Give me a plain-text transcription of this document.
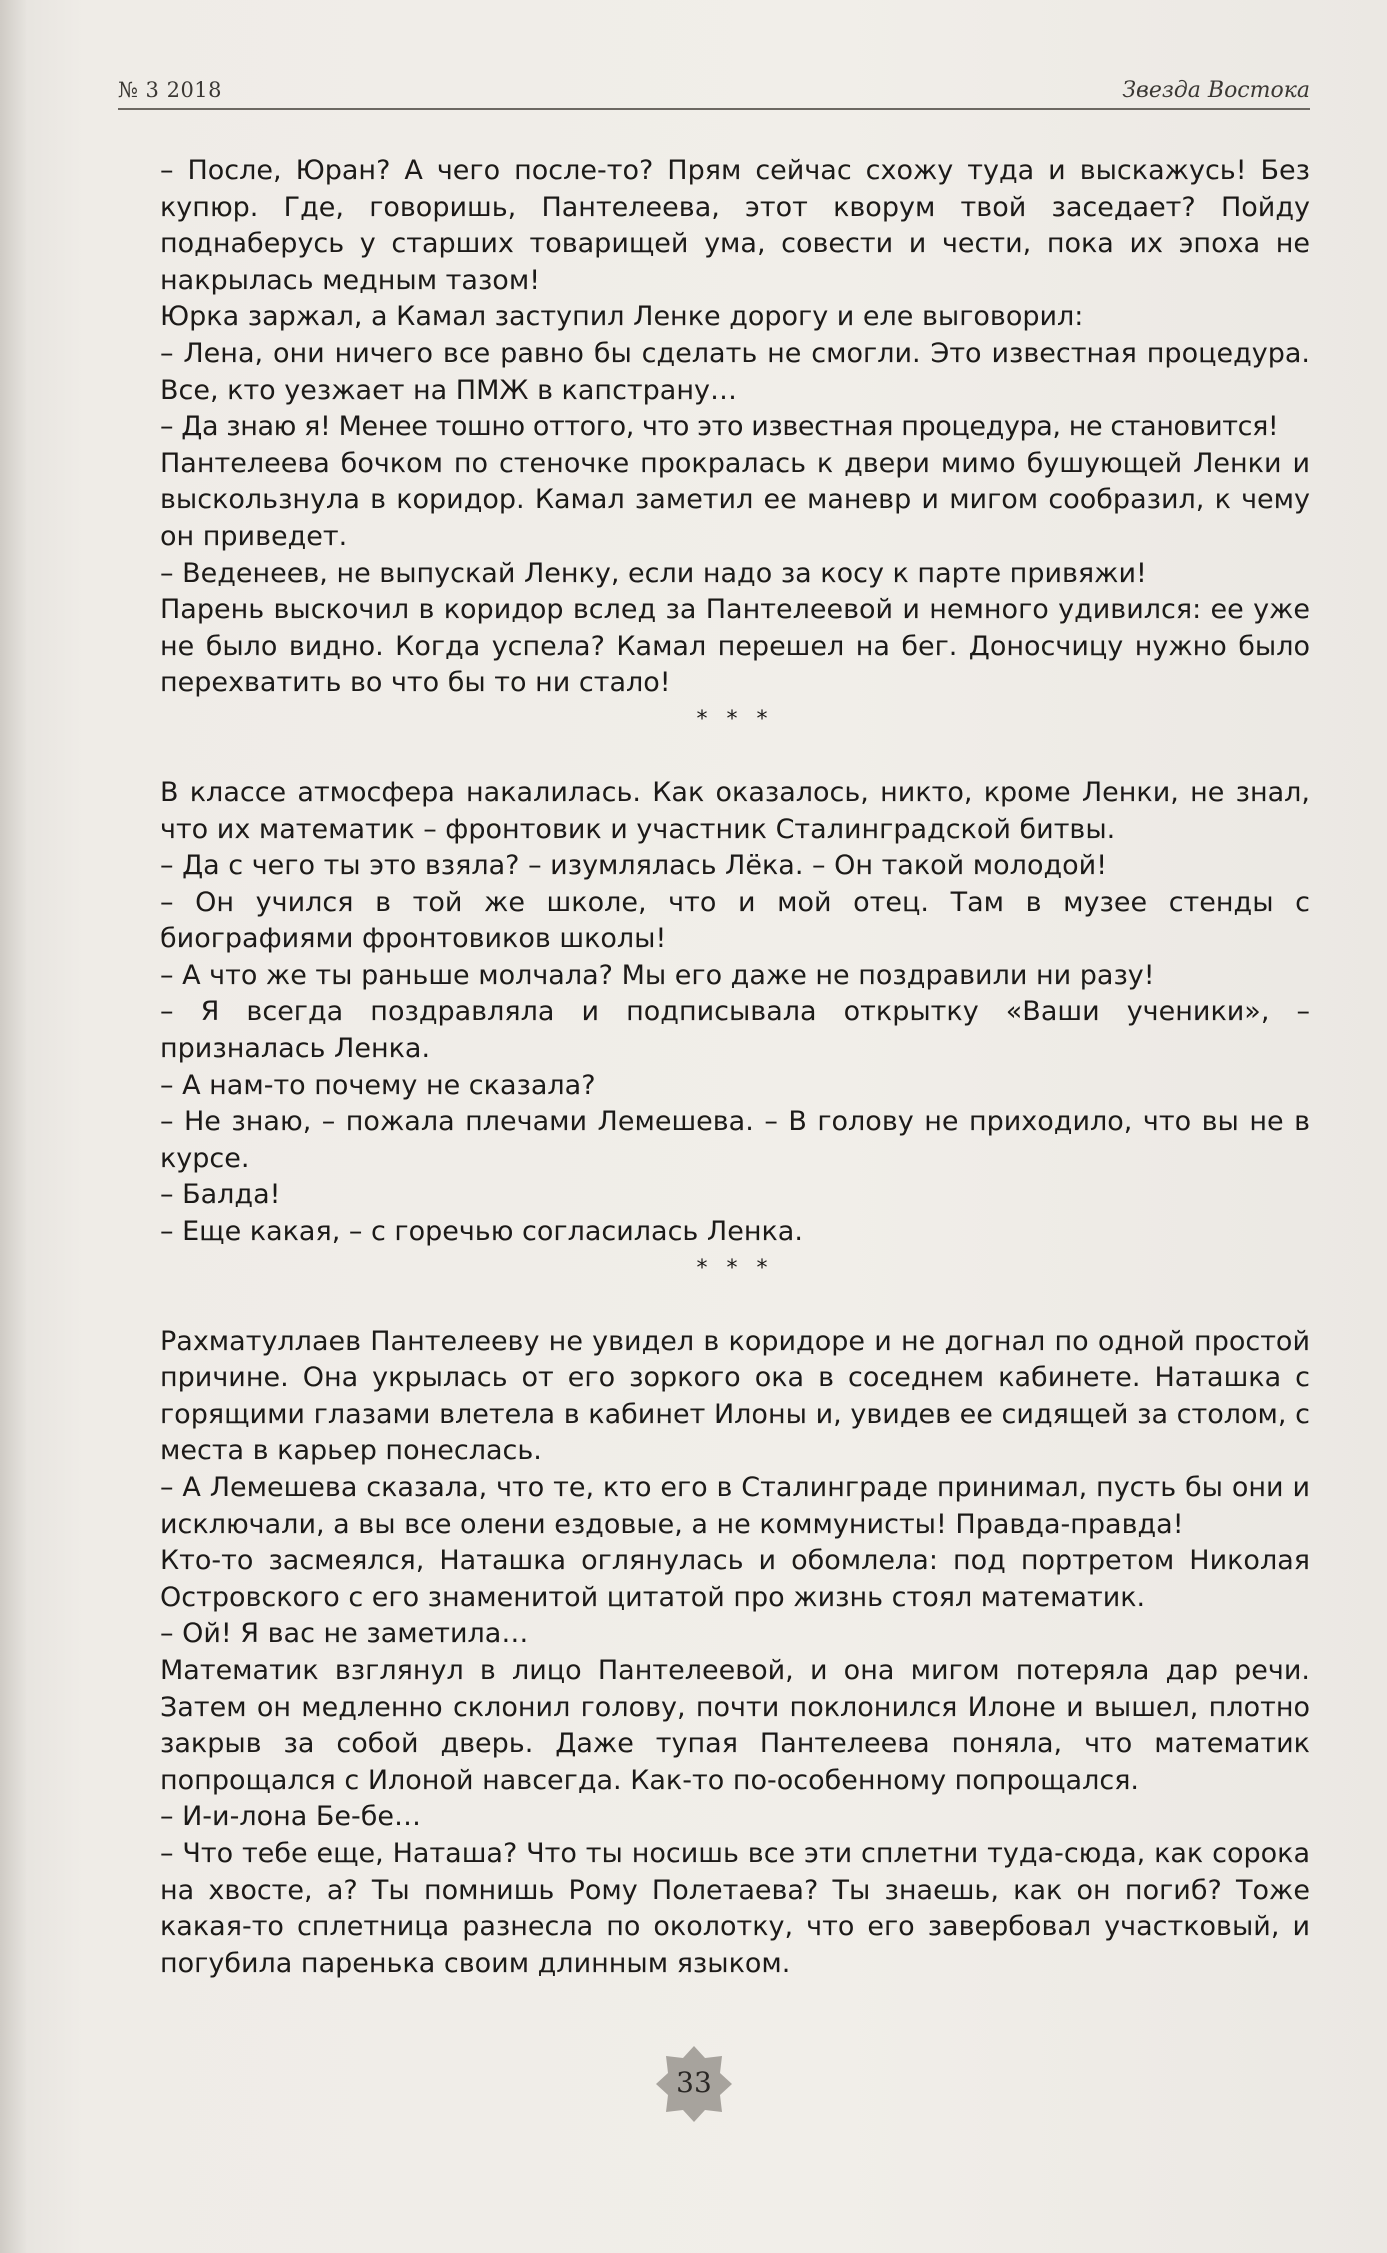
№ 3 2018	Звезда Востока

– После, Юран? А чего после-то? Прям сейчас схожу туда и выскажусь! Без купюр. Где, говоришь, Пантелеева, этот кворум твой заседает? Пойду поднаберусь у старших товарищей ума, совести и чести, пока их эпоха не накрылась медным тазом!

Юрка заржал, а Камал заступил Ленке дорогу и еле выговорил:

– Лена, они ничего все равно бы сделать не смогли. Это известная процедура. Все, кто уезжает на ПМЖ в капстрану…

– Да знаю я! Менее тошно оттого, что это известная процедура, не становится!

Пантелеева бочком по стеночке прокралась к двери мимо бушующей Ленки и выскользнула в коридор. Камал заметил ее маневр и мигом сообразил, к чему он приведет.

– Веденеев, не выпускай Ленку, если надо за косу к парте привяжи!

Парень выскочил в коридор вслед за Пантелеевой и немного удивился: ее уже не было видно. Когда успела? Камал перешел на бег. Доносчицу нужно было перехватить во что бы то ни стало!

* * *

В классе атмосфера накалилась. Как оказалось, никто, кроме Ленки, не знал, что их математик – фронтовик и участник Сталинградской битвы.

– Да с чего ты это взяла? – изумлялась Лёка. – Он такой молодой!

– Он учился в той же школе, что и мой отец. Там в музее стенды с биографиями фронтовиков школы!

– А что же ты раньше молчала? Мы его даже не поздравили ни разу!

– Я всегда поздравляла и подписывала открытку «Ваши ученики», – призналась Ленка.

– А нам-то почему не сказала?

– Не знаю, – пожала плечами Лемешева. – В голову не приходило, что вы не в курсе.

– Балда!

– Еще какая, – с горечью согласилась Ленка.

* * *

Рахматуллаев Пантелееву не увидел в коридоре и не догнал по одной простой причине. Она укрылась от его зоркого ока в соседнем кабинете. Наташка с горящими глазами влетела в кабинет Илоны и, увидев ее сидящей за столом, с места в карьер понеслась.

– А Лемешева сказала, что те, кто его в Сталинграде принимал, пусть бы они и исключали, а вы все олени ездовые, а не коммунисты! Правда-правда!

Кто-то засмеялся, Наташка оглянулась и обомлела: под портретом Николая Островского с его знаменитой цитатой про жизнь стоял математик.

– Ой! Я вас не заметила…

Математик взглянул в лицо Пантелеевой, и она мигом потеряла дар речи. Затем он медленно склонил голову, почти поклонился Илоне и вышел, плотно закрыв за собой дверь. Даже тупая Пантелеева поняла, что математик попрощался с Илоной навсегда. Как-то по-особенному попрощался.

– И-и-лона Бе-бе…

– Что тебе еще, Наташа? Что ты носишь все эти сплетни туда-сюда, как сорока на хвосте, а? Ты помнишь Рому Полетаева? Ты знаешь, как он погиб? Тоже какая-то сплетница разнесла по околотку, что его завербовал участковый, и погубила паренька своим длинным языком.

33
